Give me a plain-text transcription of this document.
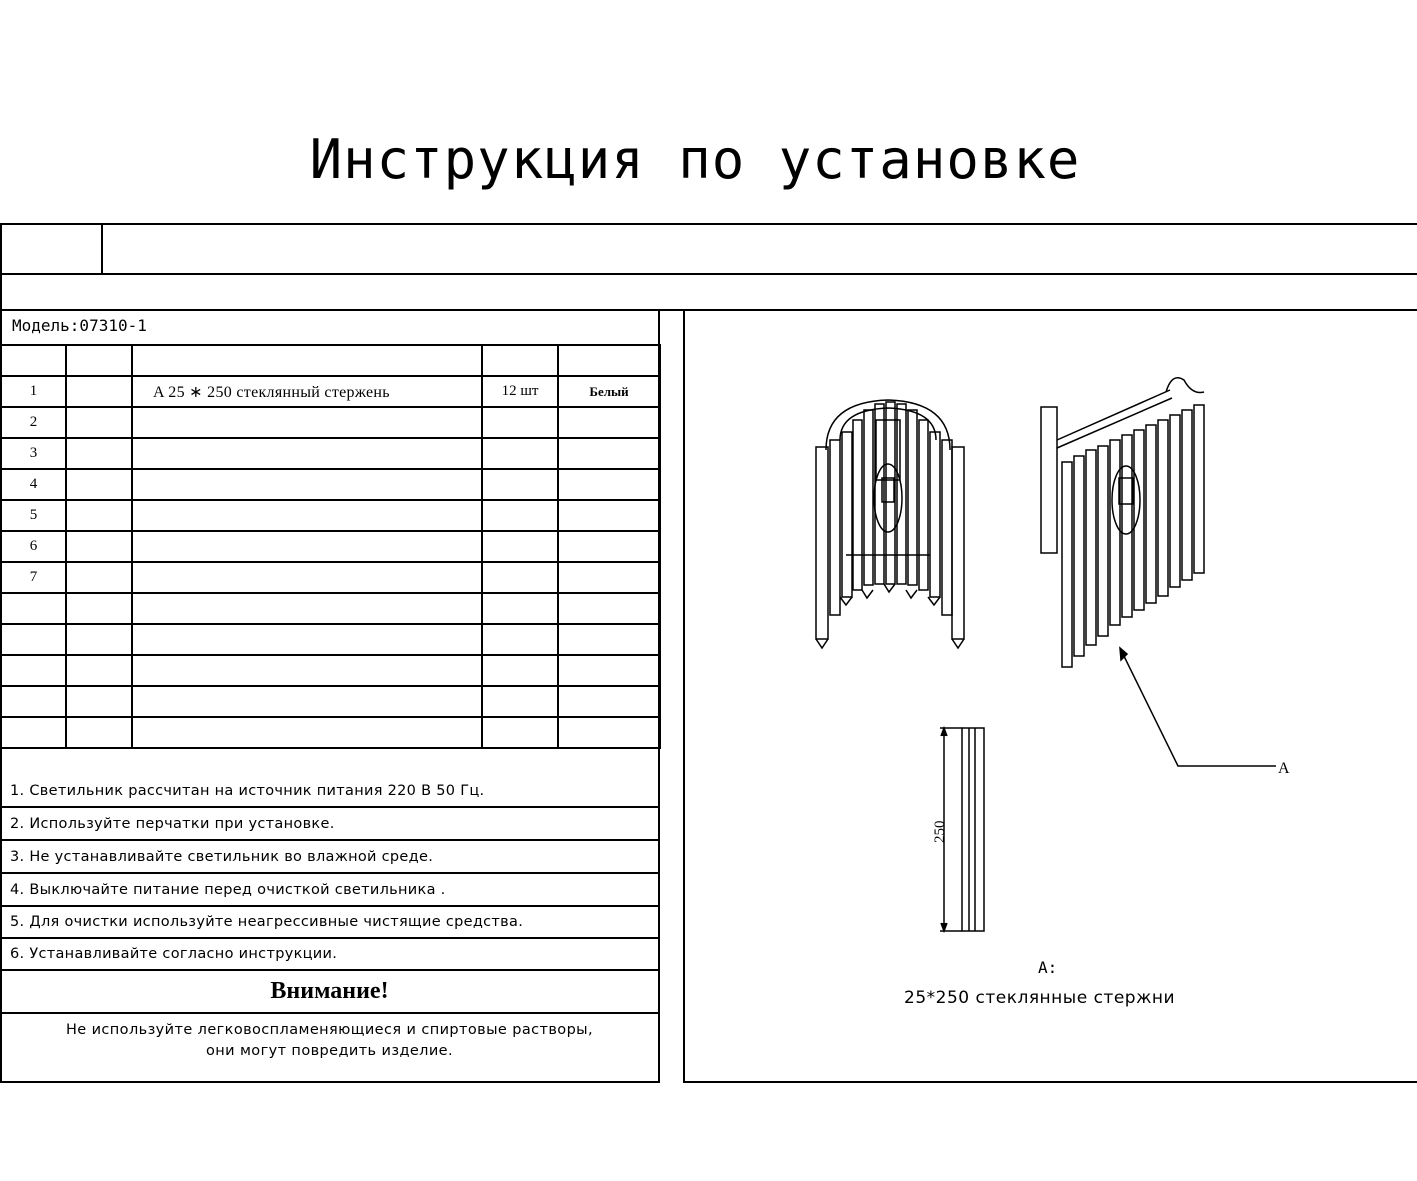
Инструкция по установке
Модель:07310-1

1		A 25 ∗ 250 стеклянный стержень	12 шт	Белый
2				
3				
4				
5				
6				
7				

1. Светильник рассчитан на источник питания 220 В 50 Гц.
2. Используйте перчатки при установке.
3. Не устанавливайте светильник во влажной среде.
4. Выключайте питание перед очисткой светильника .
5. Для очистки используйте неагрессивные чистящие средства.
6. Устанавливайте согласно инструкции.
Внимание!
Не используйте легковоспламеняющиеся и спиртовые растворы,
они могут повредить изделие.
A
250
A:
25*250 стеклянные стержни
